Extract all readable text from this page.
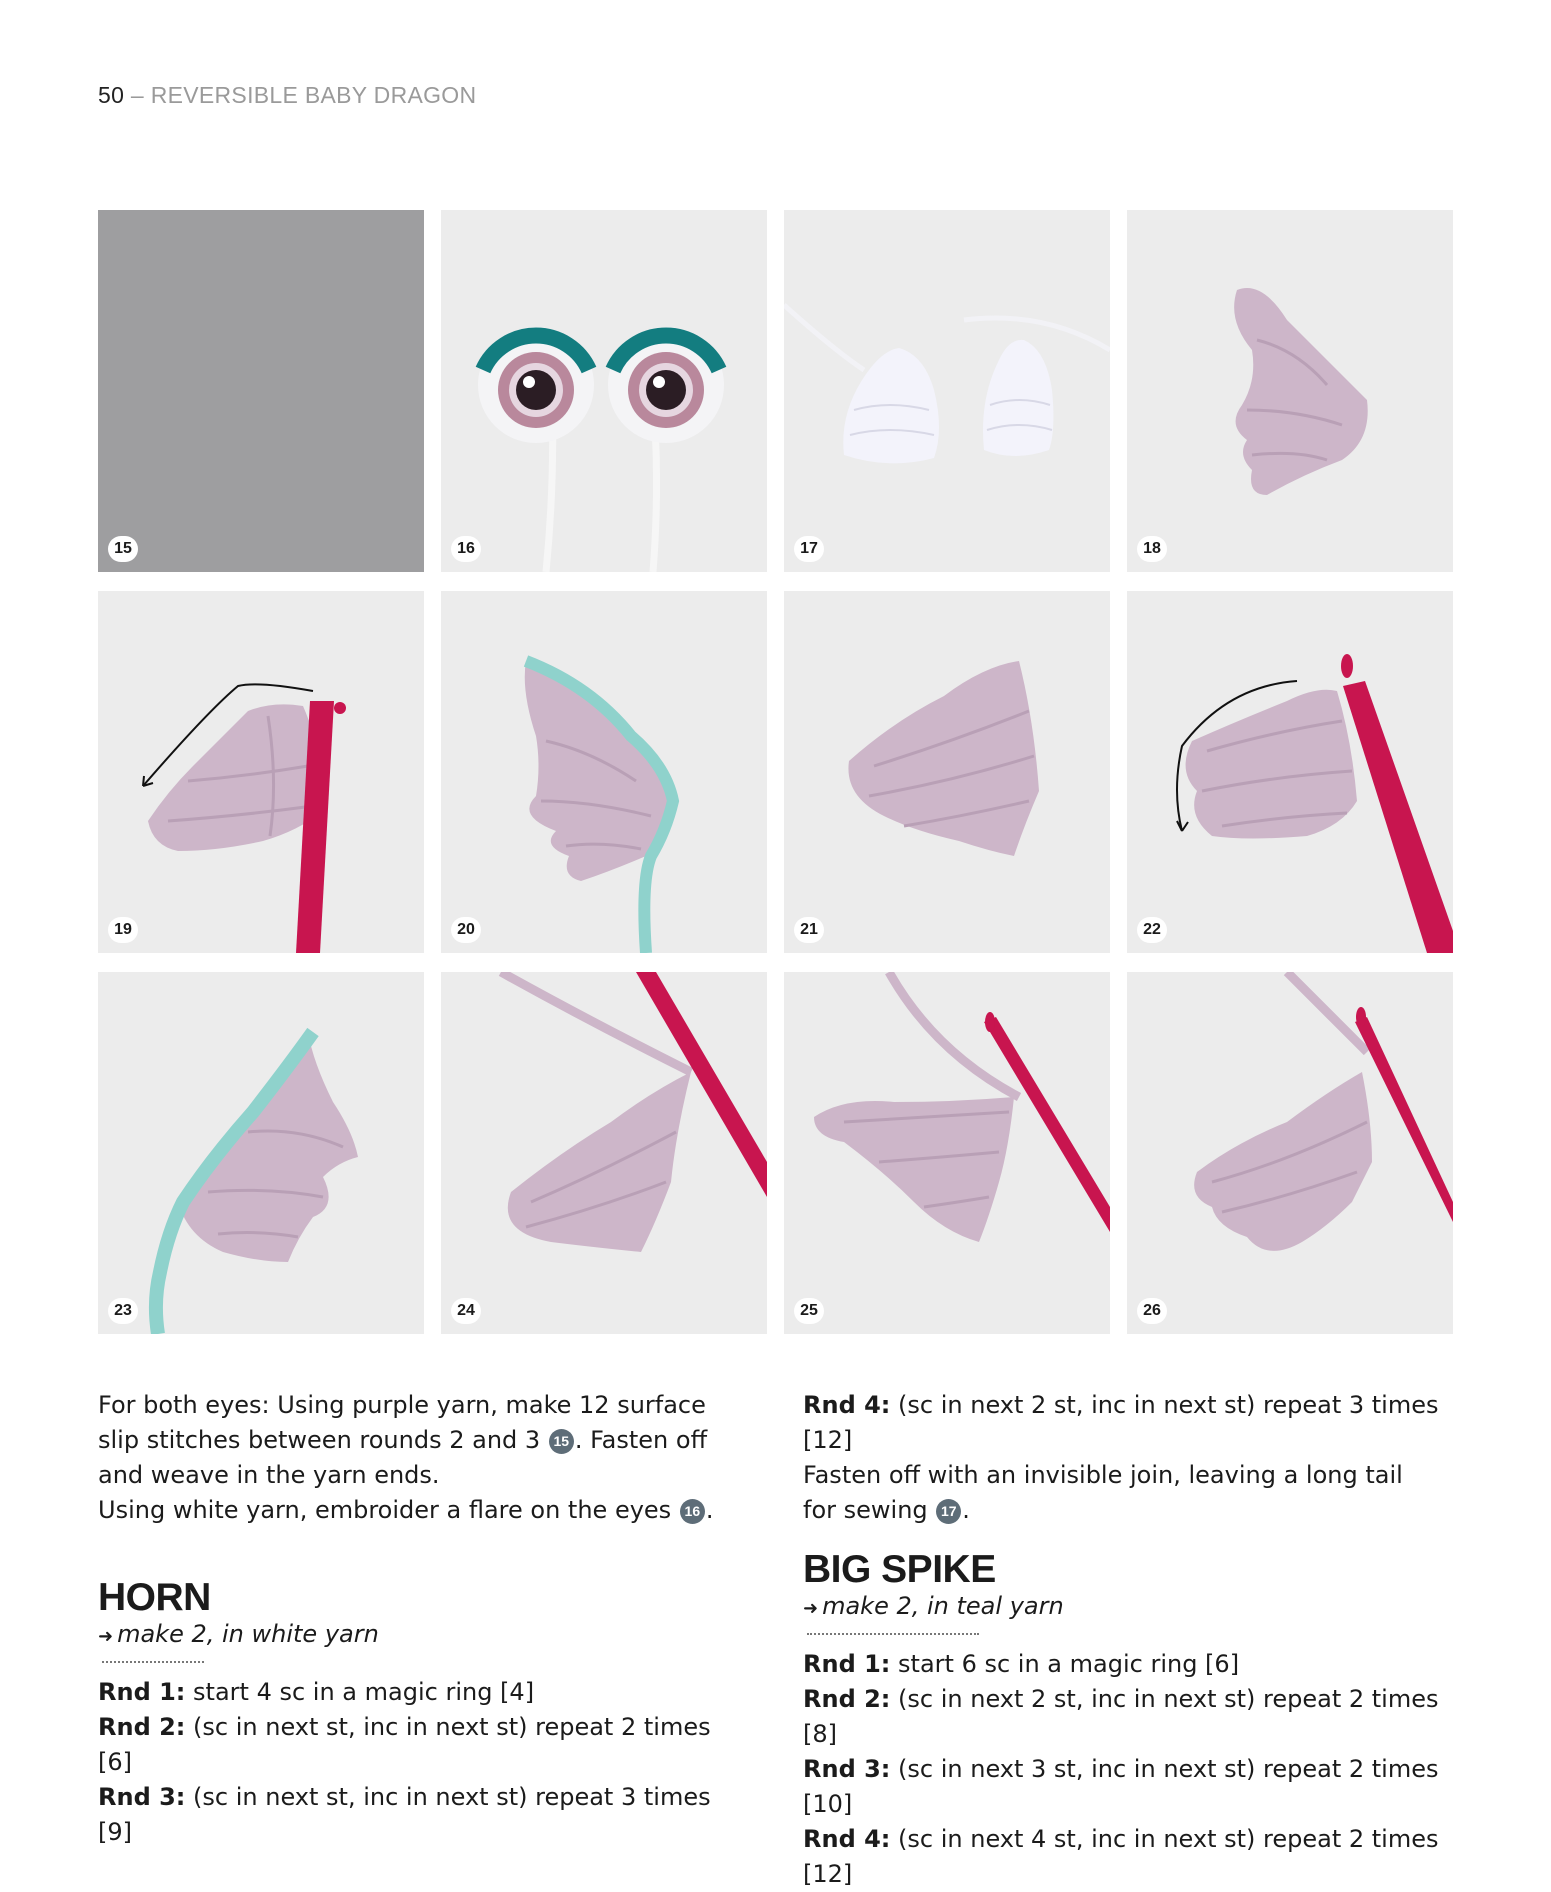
50 – REVERSIBLE BABY DRAGON
15	16	17	18
19	20	21	22
23	24	25	26

For both eyes: Using purple yarn, make 12 surface slip stitches between rounds 2 and 3 15 . Fasten off and weave in the yarn ends.

Using white yarn, embroider a flare on the eyes 16 .

HORN

➜ make 2, in white yarn

Rnd 1: start 4 sc in a magic ring [4]

Rnd 2: (sc in next st, inc in next st) repeat 2 times [6]

Rnd 3: (sc in next st, inc in next st) repeat 3 times [9]

Rnd 4: (sc in next 2 st, inc in next st) repeat 3 times [12]

Fasten off with an invisible join, leaving a long tail for sewing 17 .

BIG SPIKE

➜ make 2, in teal yarn

Rnd 1: start 6 sc in a magic ring [6]

Rnd 2: (sc in next 2 st, inc in next st) repeat 2 times [8]

Rnd 3: (sc in next 3 st, inc in next st) repeat 2 times [10]

Rnd 4: (sc in next 4 st, inc in next st) repeat 2 times [12]
